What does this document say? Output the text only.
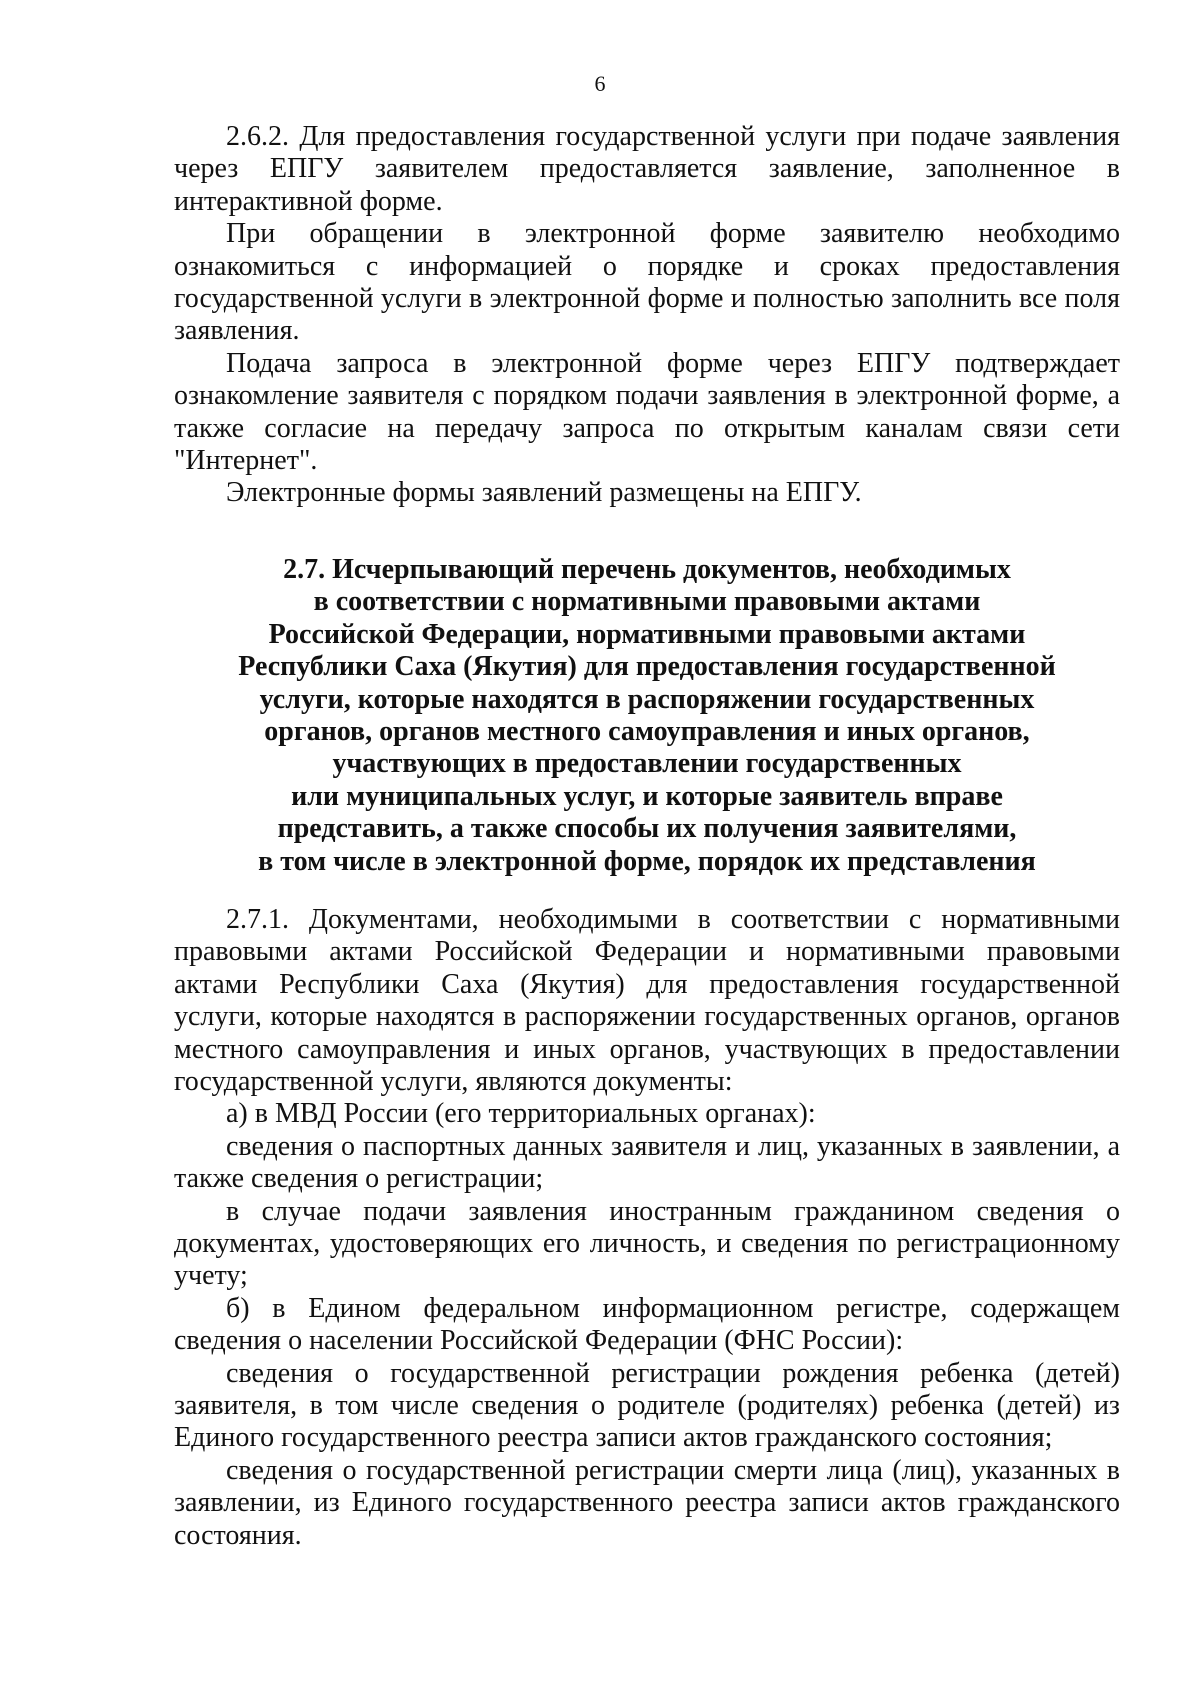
6

2.6.2. Для предоставления государственной услуги при подаче заявления через ЕПГУ заявителем предоставляется заявление, заполненное в интерактивной форме.

При обращении в электронной форме заявителю необходимо ознакомиться с информацией о порядке и сроках предоставления государственной услуги в электронной форме и полностью заполнить все поля заявления.

Подача запроса в электронной форме через ЕПГУ подтверждает ознакомление заявителя с порядком подачи заявления в электронной форме, а также согласие на передачу запроса по открытым каналам связи сети "Интернет".

Электронные формы заявлений размещены на ЕПГУ.

2.7. Исчерпывающий перечень документов, необходимых
в соответствии с нормативными правовыми актами
Российской Федерации, нормативными правовыми актами
Республики Саха (Якутия) для предоставления государственной
услуги, которые находятся в распоряжении государственных
органов, органов местного самоуправления и иных органов,
участвующих в предоставлении государственных
или муниципальных услуг, и которые заявитель вправе
представить, а также способы их получения заявителями,
в том числе в электронной форме, порядок их представления

2.7.1. Документами, необходимыми в соответствии с нормативными правовыми актами Российской Федерации и нормативными правовыми актами Республики Саха (Якутия) для предоставления государственной услуги, которые находятся в распоряжении государственных органов, органов местного самоуправления и иных органов, участвующих в предоставлении государственной услуги, являются документы:

а) в МВД России (его территориальных органах):

сведения о паспортных данных заявителя и лиц, указанных в заявлении, а также сведения о регистрации;

в случае подачи заявления иностранным гражданином сведения о документах, удостоверяющих его личность, и сведения по регистрационному учету;

б) в Едином федеральном информационном регистре, содержащем сведения о населении Российской Федерации (ФНС России):

сведения о государственной регистрации рождения ребенка (детей) заявителя, в том числе сведения о родителе (родителях) ребенка (детей) из Единого государственного реестра записи актов гражданского состояния;

сведения о государственной регистрации смерти лица (лиц), указанных в заявлении, из Единого государственного реестра записи актов гражданского состояния.
